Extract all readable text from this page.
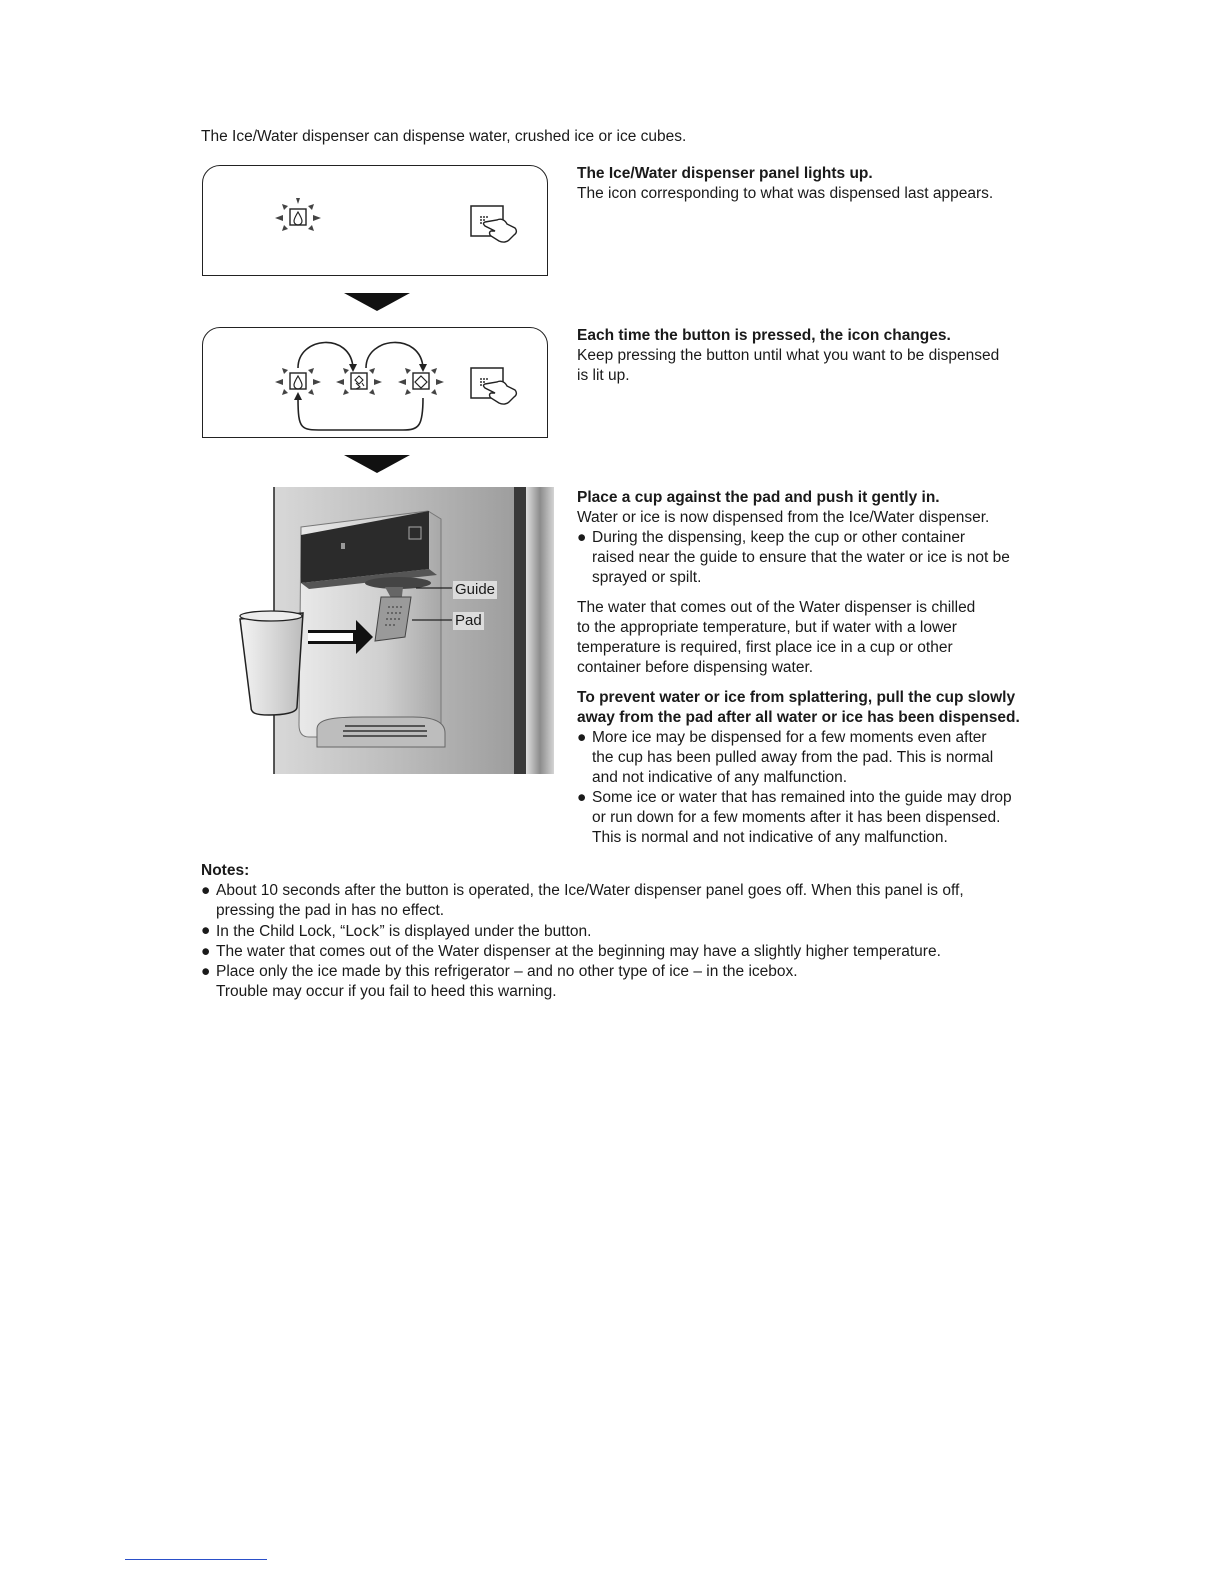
The Ice/Water dispenser can dispense water, crushed ice or ice cubes.
Guide
Pad

The Ice/Water dispenser panel lights up.

The icon corresponding to what was dispensed last appears.

Each time the button is pressed, the icon changes.

Keep pressing the button until what you want to be dispensed

is lit up.

Place a cup against the pad and push it gently in.

Water or ice is now dispensed from the Ice/Water dispenser.

● During the dispensing, keep the cup or other container

raised near the guide to ensure that the water or ice is not be

sprayed or spilt.

The water that comes out of the Water dispenser is chilled

to the appropriate temperature, but if water with a lower

temperature is required, first place ice in a cup or other

container before dispensing water.

To prevent water or ice from splattering, pull the cup slowly

away from the pad after all water or ice has been dispensed.

● More ice may be dispensed for a few moments even after

the cup has been pulled away from the pad. This is normal

and not indicative of any malfunction.

● Some ice or water that has remained into the guide may drop

or run down for a few moments after it has been dispensed.

This is normal and not indicative of any malfunction.

Notes:

● About 10 seconds after the button is operated, the Ice/Water dispenser panel goes off. When this panel is off,

pressing the pad in has no effect.

● In the Child Lock, “Lock” is displayed under the button.

● The water that comes out of the Water dispenser at the beginning may have a slightly higher temperature.

● Place only the ice made by this refrigerator – and no other type of ice – in the icebox.

Trouble may occur if you fail to heed this warning.
